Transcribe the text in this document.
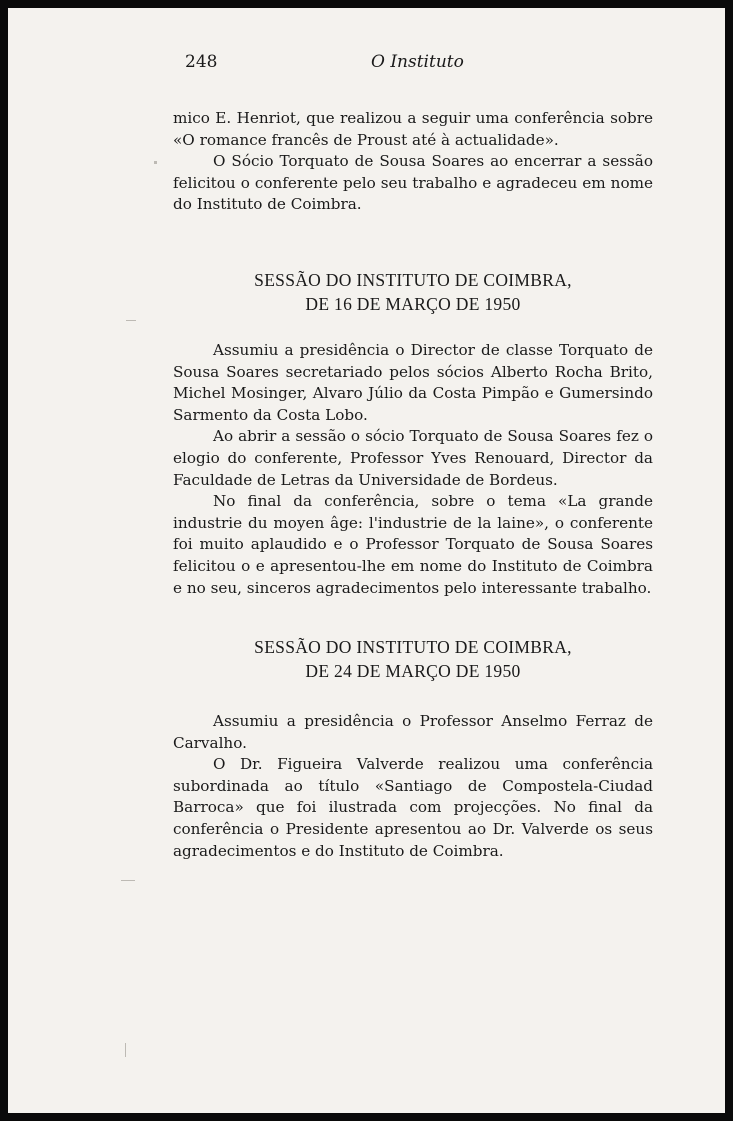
248	O Instituto

mico E. Henriot, que realizou a seguir uma conferência sobre «O romance francês de Proust até à actualidade».

O Sócio Torquato de Sousa Soares ao encerrar a sessão felicitou o conferente pelo seu trabalho e agradeceu em nome do Instituto de Coimbra.

SESSÃO DO INSTITUTO DE COIMBRA,

DE 16 DE MARÇO DE 1950

Assumiu a presidência o Director de classe Torquato de Sousa Soares secretariado pelos sócios Alberto Rocha Brito, Michel Mosinger, Alvaro Júlio da Costa Pimpão e Gumersindo Sarmento da Costa Lobo.

Ao abrir a sessão o sócio Torquato de Sousa Soares fez o elogio do conferente, Professor Yves Renouard, Director da Faculdade de Letras da Universidade de Bordeus.

No final da conferência, sobre o tema «La grande industrie du moyen âge: l'industrie de la laine», o conferente foi muito aplaudido e o Professor Torquato de Sousa Soares felicitou o e apresentou-lhe em nome do Instituto de Coimbra e no seu, sinceros agradecimentos pelo interessante trabalho.

SESSÃO DO INSTITUTO DE COIMBRA,

DE 24 DE MARÇO DE 1950

Assumiu a presidência o Professor Anselmo Ferraz de Carvalho.

O Dr. Figueira Valverde realizou uma conferência subordinada ao título «Santiago de Compostela-Ciudad Barroca» que foi ilustrada com projecções. No final da conferência o Presidente apresentou ao Dr. Valverde os seus agradecimentos e do Instituto de Coimbra.
